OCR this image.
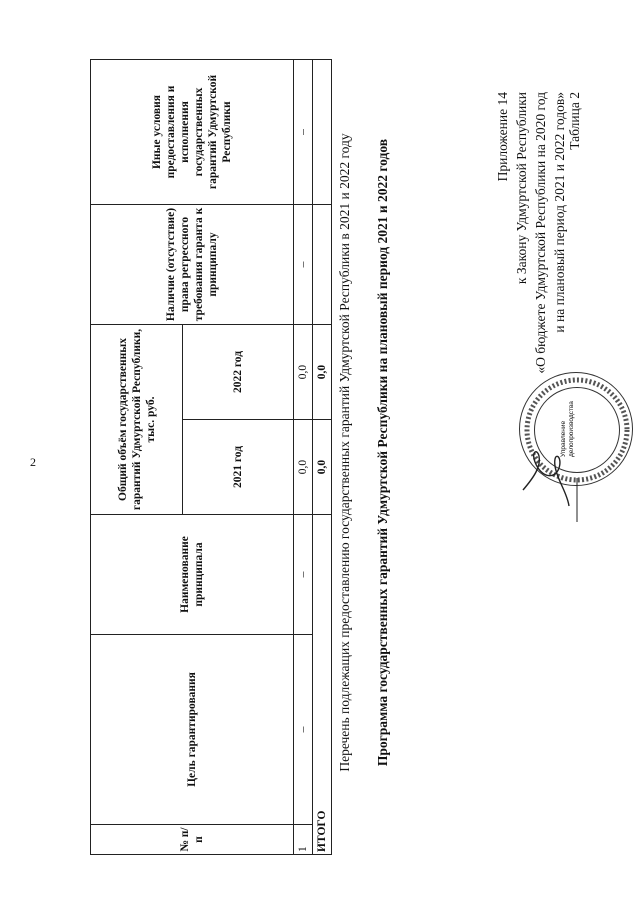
2
Приложение 14 к Закону Удмуртской Республики «О бюджете Удмуртской Республики на 2020 год и на плановый период 2021 и 2022 годов» Таблица 2
Программа государственных гарантий Удмуртской Республики на плановый период 2021 и 2022 годов
Перечень подлежащих предоставлению государственных гарантий Удмуртской Республики в 2021 и 2022 году
№ п/п	Цель гарантирования	Наименование принципала	Общий объём государственных гарантий Удмуртской Республики, тыс. руб.		Наличие (отсутствие) права регрессного требования гаранта к принципалу	Иные условия предоставления и исполнения государственных гарантий Удмуртской Республики
			2021 год	2022 год		
1	–	–	0,0	0,0	–	–
ИТОГО			0,0	0,0		
Управление
делопроизводства
